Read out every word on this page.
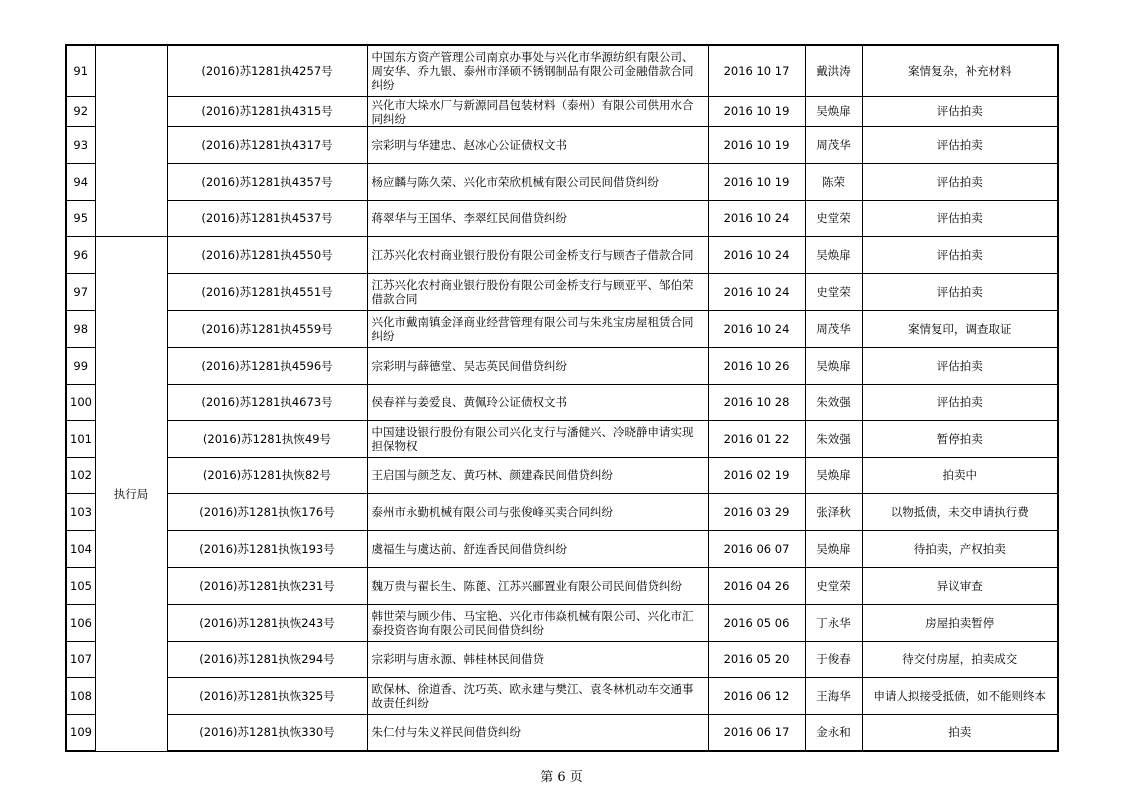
91		(2016)苏1281执4257号	中国东方资产管理公司南京办事处与兴化市华源纺织有限公司、周安华、乔九银、泰州市泽硕不锈钢制品有限公司金融借款合同纠纷	2016 10 17	戴洪涛	案情复杂，补充材料

92		(2016)苏1281执4315号	兴化市大垛水厂与新源同昌包装材料（泰州）有限公司供用水合同纠纷	2016 10 19	吴焕扉	评估拍卖

93		(2016)苏1281执4317号	宗彩明与华建忠、赵冰心公证债权文书	2016 10 19	周茂华	评估拍卖

94		(2016)苏1281执4357号	杨应麟与陈久荣、兴化市荣欣机械有限公司民间借贷纠纷	2016 10 19	陈荣	评估拍卖

95		(2016)苏1281执4537号	蒋翠华与王国华、李翠红民间借贷纠纷	2016 10 24	史堂荣	评估拍卖

96	执行局	(2016)苏1281执4550号	江苏兴化农村商业银行股份有限公司金桥支行与顾杏子借款合同	2016 10 24	吴焕扉	评估拍卖

97		(2016)苏1281执4551号	江苏兴化农村商业银行股份有限公司金桥支行与顾亚平、邹伯荣借款合同	2016 10 24	史堂荣	评估拍卖

98		(2016)苏1281执4559号	兴化市戴南镇金泽商业经营管理有限公司与朱兆宝房屋租赁合同纠纷	2016 10 24	周茂华	案情复印，调查取证

99		(2016)苏1281执4596号	宗彩明与薛德堂、吴志英民间借贷纠纷	2016 10 26	吴焕扉	评估拍卖

100		(2016)苏1281执4673号	侯春祥与姜爱良、黄佩玲公证债权文书	2016 10 28	朱效强	评估拍卖

101		(2016)苏1281执恢49号	中国建设银行股份有限公司兴化支行与潘健兴、冷晓静申请实现担保物权	2016 01 22	朱效强	暂停拍卖

102		(2016)苏1281执恢82号	王启国与颜芝友、黄巧林、颜建森民间借贷纠纷	2016 02 19	吴焕扉	拍卖中

103		(2016)苏1281执恢176号	泰州市永勤机械有限公司与张俊峰买卖合同纠纷	2016 03 29	张泽秋	以物抵债，未交申请执行费

104		(2016)苏1281执恢193号	虞福生与虞达前、舒连香民间借贷纠纷	2016 06 07	吴焕扉	待拍卖，产权拍卖

105		(2016)苏1281执恢231号	魏万贵与翟长生、陈蓖、江苏兴郦置业有限公司民间借贷纠纷	2016 04 26	史堂荣	异议审查

106		(2016)苏1281执恢243号	韩世荣与顾少伟、马宝艳、兴化市伟焱机械有限公司、兴化市汇泰投资咨询有限公司民间借贷纠纷	2016 05 06	丁永华	房屋拍卖暂停

107		(2016)苏1281执恢294号	宗彩明与唐永源、韩桂林民间借贷	2016 05 20	于俊春	待交付房屋，拍卖成交

108		(2016)苏1281执恢325号	欧保林、徐道香、沈巧英、欧永建与樊江、袁冬林机动车交通事故责任纠纷	2016 06 12	王海华	申请人拟接受抵债，如不能则终本

109		(2016)苏1281执恢330号	朱仁付与朱义祥民间借贷纠纷	2016 06 17	金永和	拍卖
第 6 页
